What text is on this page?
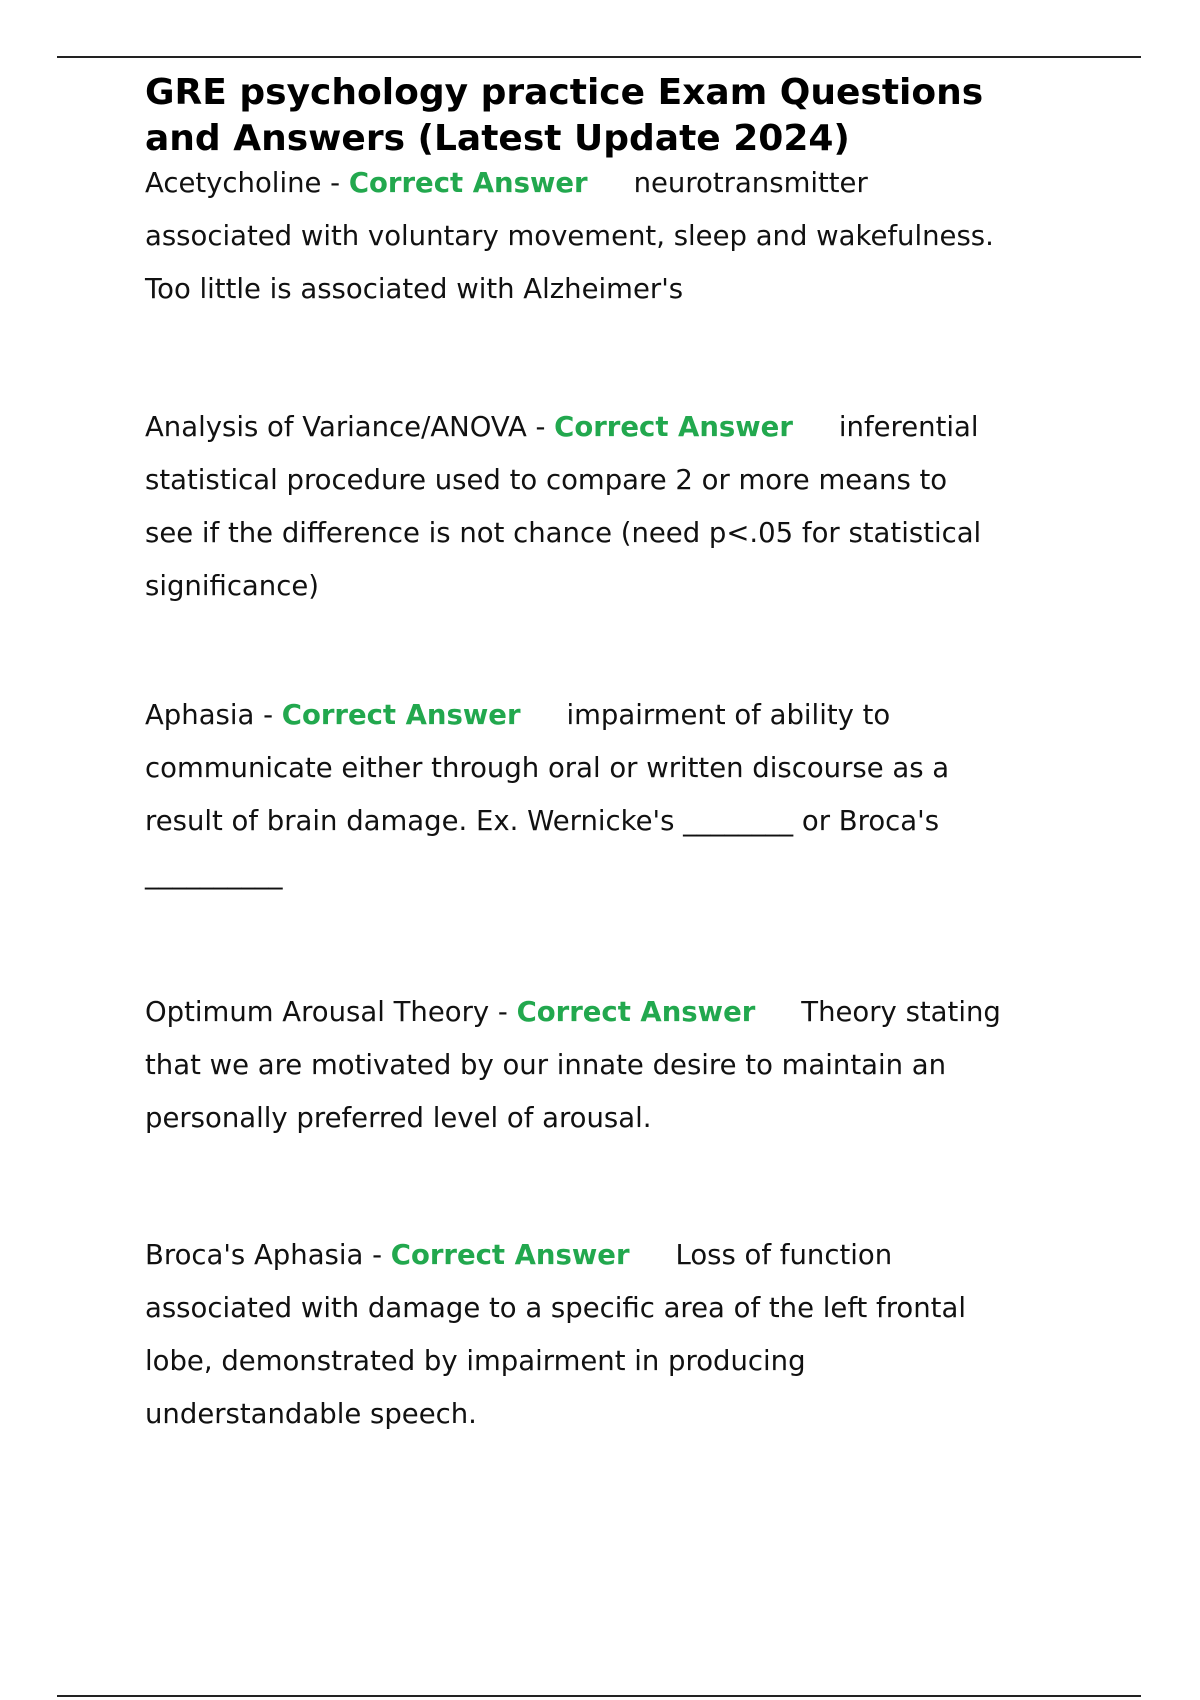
GRE psychology practice Exam Questions
and Answers (Latest Update 2024)
Acetycholine - Correct Answer neurotransmitter
associated with voluntary movement, sleep and wakefulness.
Too little is associated with Alzheimer's
Analysis of Variance/ANOVA - Correct Answer inferential
statistical procedure used to compare 2 or more means to
see if the difference is not chance (need p<.05 for statistical
significance)
Aphasia - Correct Answer impairment of ability to
communicate either through oral or written discourse as a
result of brain damage. Ex. Wernicke's ________ or Broca's
__________
Optimum Arousal Theory - Correct Answer Theory stating
that we are motivated by our innate desire to maintain an
personally preferred level of arousal.
Broca's Aphasia - Correct Answer Loss of function
associated with damage to a specific area of the left frontal
lobe, demonstrated by impairment in producing
understandable speech.
